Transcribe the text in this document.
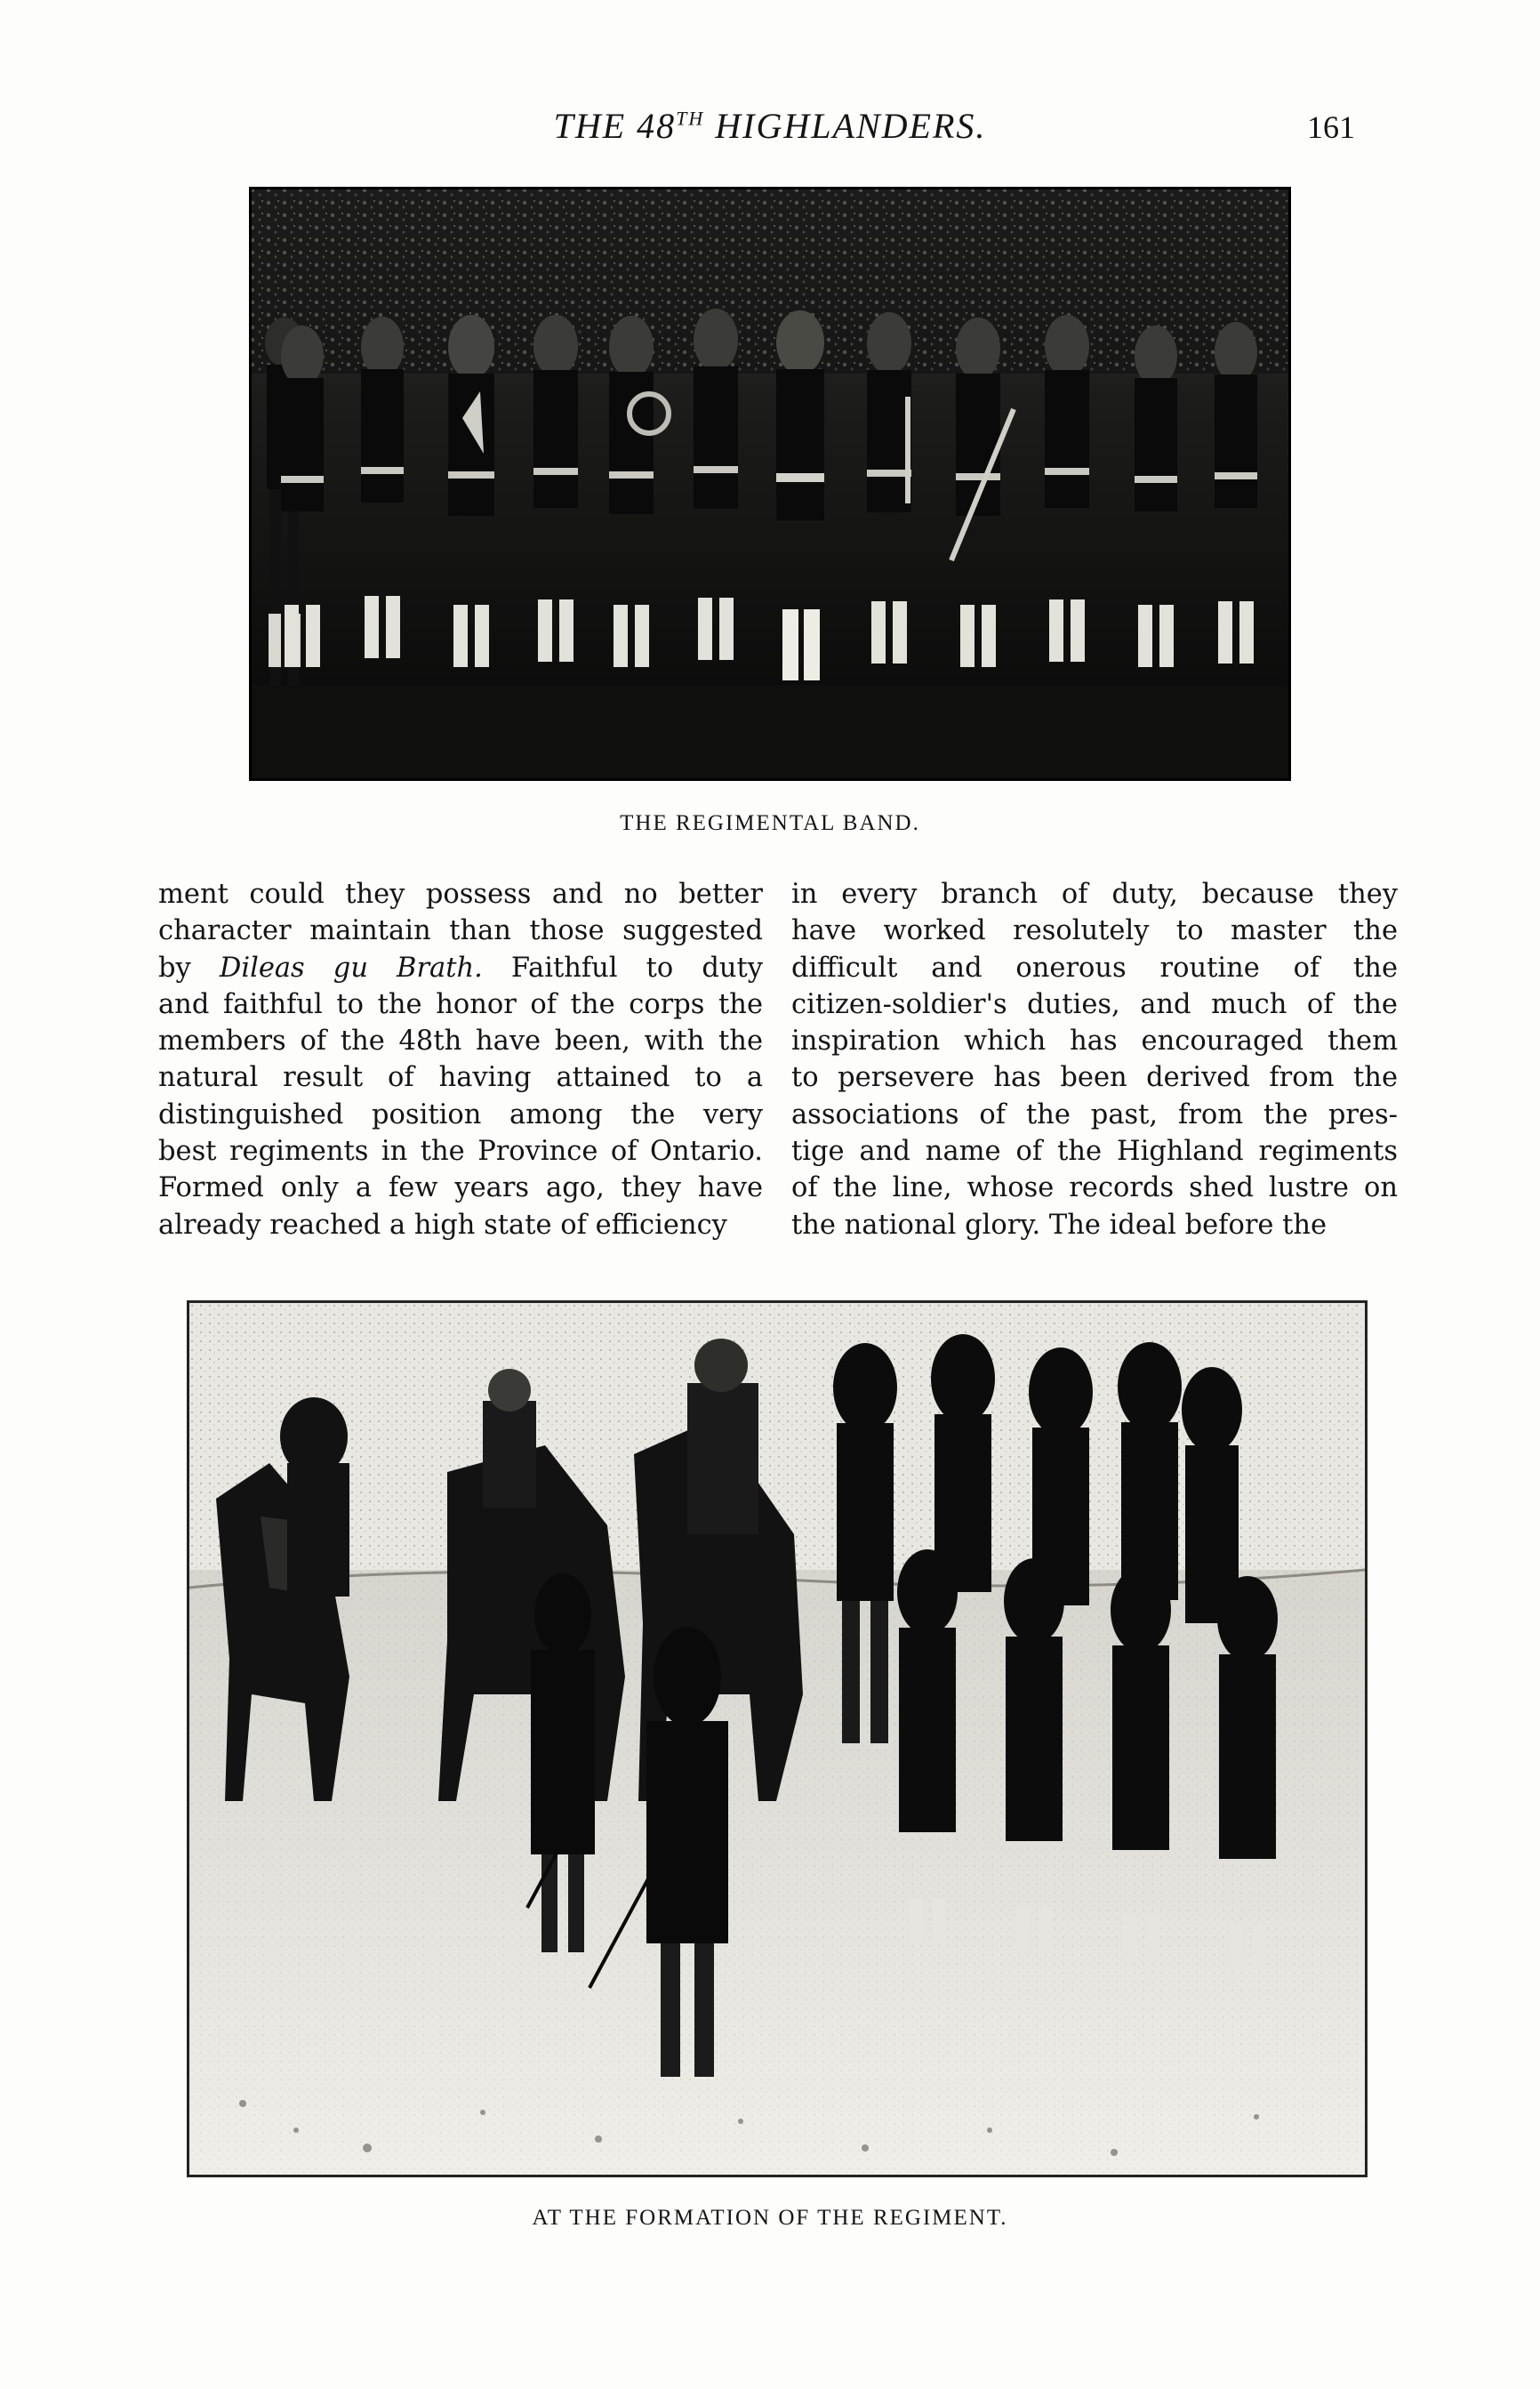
THE 48TH HIGHLANDERS.	161
THE REGIMENTAL BAND.
ment could they possess and no better
character maintain than those suggested
by Dileas gu Brath. Faithful to duty
and faithful to the honor of the corps the
members of the 48th have been, with the
natural result of having attained to a
distinguished position among the very
best regiments in the Province of Ontario.
Formed only a few years ago, they have
already reached a high state of efficiency
in every branch of duty, because they
have worked resolutely to master the
difficult and onerous routine of the
citizen-soldier's duties, and much of the
inspiration which has encouraged them
to persevere has been derived from the
associations of the past, from the pres-
tige and name of the Highland regiments
of the line, whose records shed lustre on
the national glory. The ideal before the
AT THE FORMATION OF THE REGIMENT.
